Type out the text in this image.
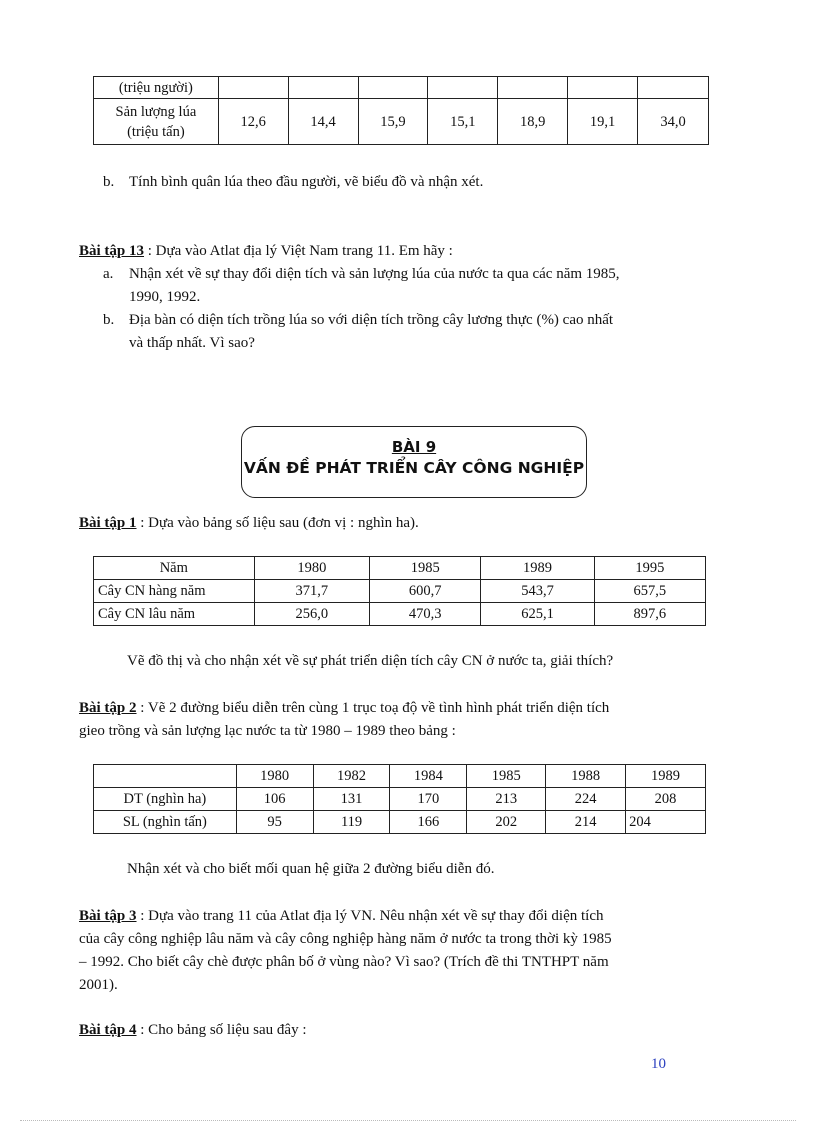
(triệu người)							

Sản lượng lúa
(triệu tấn)	12,6	14,4	15,9	15,1	18,9	19,1	34,0
b. Tính bình quân lúa theo đầu người, vẽ biểu đồ và nhận xét.
Bài tập 13 : Dựa vào Atlat địa lý Việt Nam trang 11. Em hãy :
a. Nhận xét về sự thay đổi diện tích và sản lượng lúa của nước ta qua các năm 1985,
1990, 1992.
b. Địa bàn có diện tích trồng lúa so với diện tích trồng cây lương thực (%) cao nhất
và thấp nhất. Vì sao?
BÀI 9
VẤN ĐỀ PHÁT TRIỂN CÂY CÔNG NGHIỆP
Bài tập 1 : Dựa vào bảng số liệu sau (đơn vị : nghìn ha).
Năm	1980	1985	1989	1995
Cây CN hàng năm	371,7	600,7	543,7	657,5
Cây CN lâu năm	256,0	470,3	625,1	897,6
Vẽ đồ thị và cho nhận xét về sự phát triển diện tích cây CN ở nước ta, giải thích?
Bài tập 2 : Vẽ 2 đường biểu diễn trên cùng 1 trục toạ độ về tình hình phát triển diện tích
gieo trồng và sản lượng lạc nước ta từ 1980 – 1989 theo bảng :
	1980	1982	1984	1985	1988	1989
DT (nghìn ha)	106	131	170	213	224	208
SL (nghìn tấn)	95	119	166	202	214	204
Nhận xét và cho biết mối quan hệ giữa 2 đường biểu diễn đó.
Bài tập 3 : Dựa vào trang 11 của Atlat địa lý VN. Nêu nhận xét về sự thay đổi diện tích
của cây công nghiệp lâu năm và cây công nghiệp hàng năm ở nước ta trong thời kỳ 1985
– 1992. Cho biết cây chè được phân bố ở vùng nào? Vì sao? (Trích đề thi TNTHPT năm
2001).
Bài tập 4 : Cho bảng số liệu sau đây :
10
